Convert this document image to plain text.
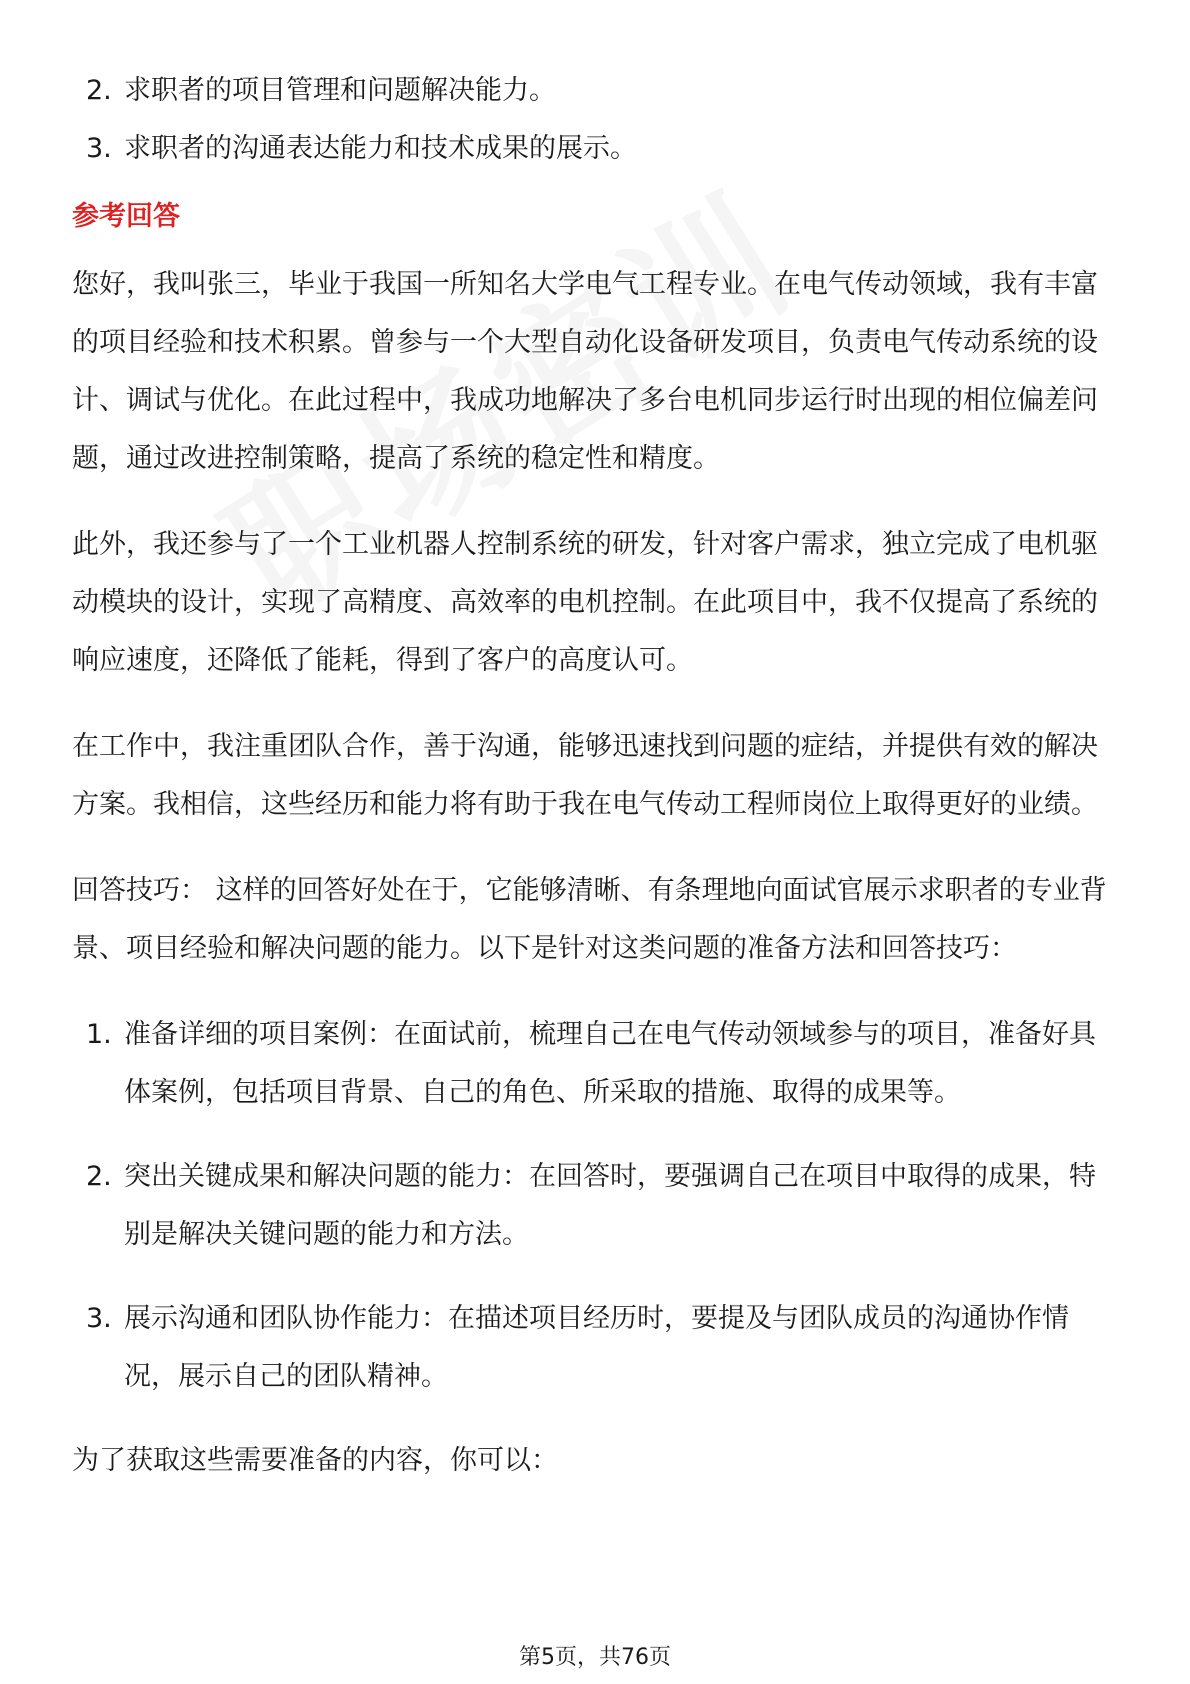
2. 求职者的项目管理和问题解决能力。
3. 求职者的沟通表达能力和技术成果的展示。
参考回答

您好，我叫张三，毕业于我国一所知名大学电气工程专业。在电气传动领域，我有丰富的项目经验和技术积累。曾参与一个大型自动化设备研发项目，负责电气传动系统的设计、调试与优化。在此过程中，我成功地解决了多台电机同步运行时出现的相位偏差问题，通过改进控制策略，提高了系统的稳定性和精度。

此外，我还参与了一个工业机器人控制系统的研发，针对客户需求，独立完成了电机驱动模块的设计，实现了高精度、高效率的电机控制。在此项目中，我不仅提高了系统的响应速度，还降低了能耗，得到了客户的高度认可。

在工作中，我注重团队合作，善于沟通，能够迅速找到问题的症结，并提供有效的解决方案。我相信，这些经历和能力将有助于我在电气传动工程师岗位上取得更好的业绩。

回答技巧： 这样的回答好处在于，它能够清晰、有条理地向面试官展示求职者的专业背景、项目经验和解决问题的能力。以下是针对这类问题的准备方法和回答技巧：

1. 准备详细的项目案例：在面试前，梳理自己在电气传动领域参与的项目，准备好具体案例，包括项目背景、自己的角色、所采取的措施、取得的成果等。
2. 突出关键成果和解决问题的能力：在回答时，要强调自己在项目中取得的成果，特别是解决关键问题的能力和方法。
3. 展示沟通和团队协作能力：在描述项目经历时，要提及与团队成员的沟通协作情况，展示自己的团队精神。

为了获取这些需要准备的内容，你可以：

第5页，共76页
